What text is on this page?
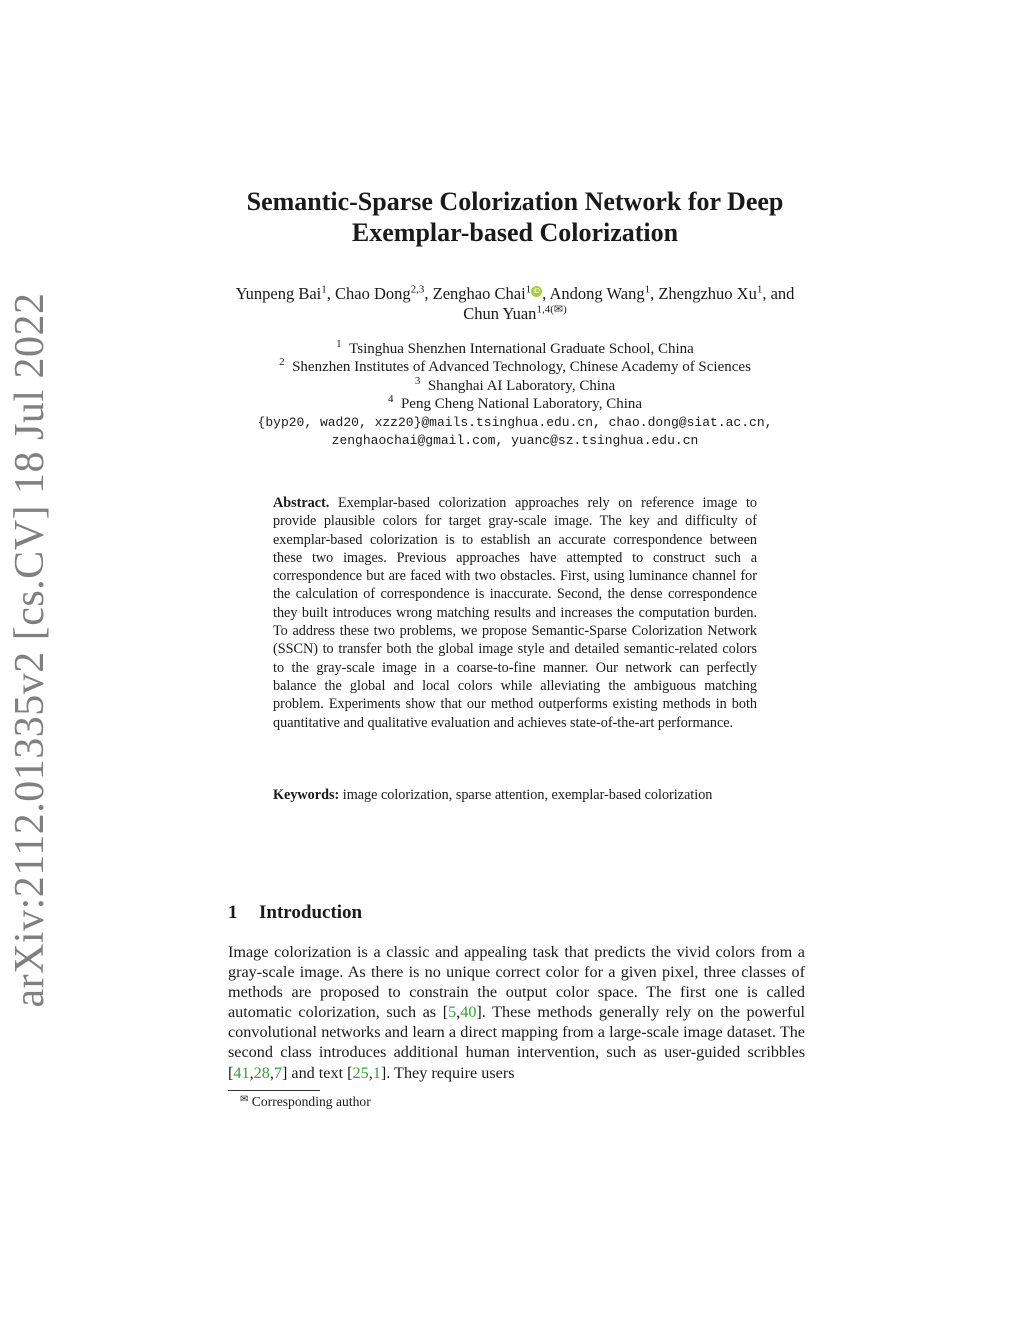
arXiv:2112.01335v2 [cs.CV] 18 Jul 2022
Semantic-Sparse Colorization Network for Deep
Exemplar-based Colorization

Yunpeng Bai$^1$, Chao Dong$^{2,3}$, Zenghao Chai$^1$ iD , Andong Wang$^1$, Zhengzhuo Xu$^1$, and Chun Yuan$^{1,4(✉)}$

$^1$ Tsinghua Shenzhen International Graduate School, China
$^2$ Shenzhen Institutes of Advanced Technology, Chinese Academy of Sciences
$^3$ Shanghai AI Laboratory, China
$^4$ Peng Cheng National Laboratory, China
{byp20, wad20, xzz20}@mails.tsinghua.edu.cn, chao.dong@siat.ac.cn,
zenghaochai@gmail.com, yuanc@sz.tsinghua.edu.cn

Abstract. Exemplar-based colorization approaches rely on reference image to provide plausible colors for target gray-scale image. The key and difficulty of exemplar-based colorization is to establish an accurate correspondence between these two images. Previous approaches have attempted to construct such a correspondence but are faced with two obstacles. First, using luminance channel for the calculation of correspondence is inaccurate. Second, the dense correspondence they built introduces wrong matching results and increases the computation burden. To address these two problems, we propose Semantic-Sparse Colorization Network (SSCN) to transfer both the global image style and detailed semantic-related colors to the gray-scale image in a coarse-to-fine manner. Our network can perfectly balance the global and local colors while alleviating the ambiguous matching problem. Experiments show that our method outperforms existing methods in both quantitative and qualitative evaluation and achieves state-of-the-art performance.

Keywords: image colorization, sparse attention, exemplar-based colorization

1 Introduction

Image colorization is a classic and appealing task that predicts the vivid colors from a gray-scale image. As there is no unique correct color for a given pixel, three classes of methods are proposed to constrain the output color space. The first one is called automatic colorization, such as [5,40]. These methods generally rely on the powerful convolutional networks and learn a direct mapping from a large-scale image dataset. The second class introduces additional human intervention, such as user-guided scribbles [41,28,7] and text [25,1]. They require users

✉ Corresponding author
